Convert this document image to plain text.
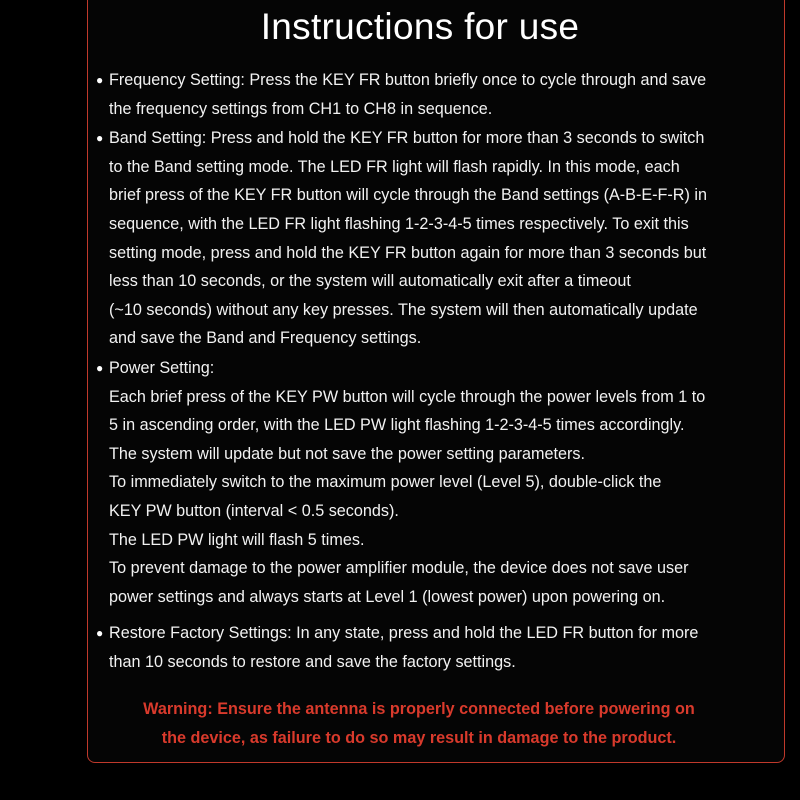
Instructions for use
● Frequency Setting: Press the KEY FR button briefly once to cycle through and save
the frequency settings from CH1 to CH8 in sequence.
● Band Setting: Press and hold the KEY FR button for more than 3 seconds to switch
to the Band setting mode. The LED FR light will flash rapidly. In this mode, each
brief press of the KEY FR button will cycle through the Band settings (A-B-E-F-R) in
sequence, with the LED FR light flashing 1-2-3-4-5 times respectively. To exit this
setting mode, press and hold the KEY FR button again for more than 3 seconds but
less than 10 seconds, or the system will automatically exit after a timeout
(~10 seconds) without any key presses. The system will then automatically update
and save the Band and Frequency settings.
● Power Setting:
Each brief press of the KEY PW button will cycle through the power levels from 1 to
5 in ascending order, with the LED PW light flashing 1-2-3-4-5 times accordingly.
The system will update but not save the power setting parameters.
To immediately switch to the maximum power level (Level 5), double-click the
KEY PW button (interval < 0.5 seconds).
The LED PW light will flash 5 times.
To prevent damage to the power amplifier module, the device does not save user
power settings and always starts at Level 1 (lowest power) upon powering on.
● Restore Factory Settings: In any state, press and hold the LED FR button for more
than 10 seconds to restore and save the factory settings.
Warning: Ensure the antenna is properly connected before powering on
the device, as failure to do so may result in damage to the product.
